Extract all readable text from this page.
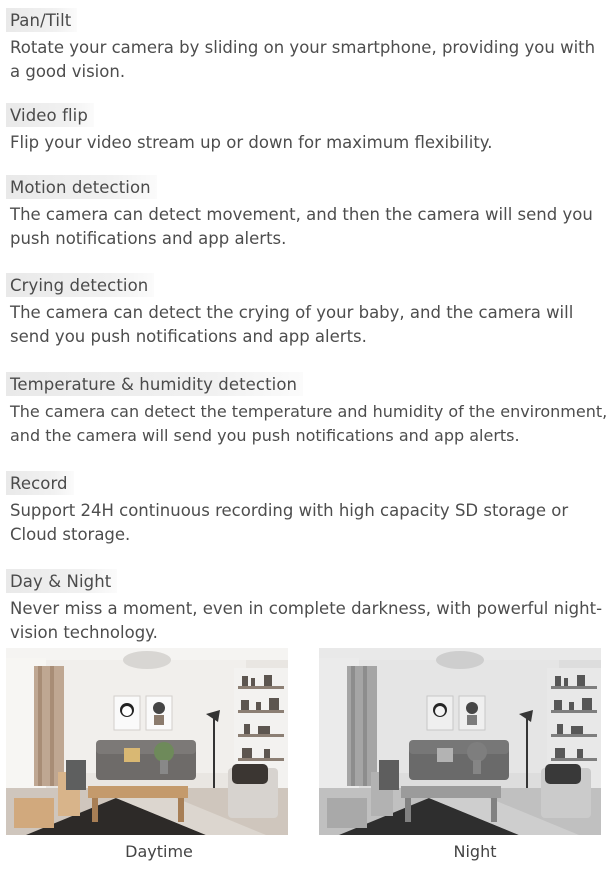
Pan/Tilt
Rotate your camera by sliding on your smartphone, providing you with a good vision.
Video flip
Flip your video stream up or down for maximum flexibility.
Motion detection
The camera can detect movement, and then the camera will send you push notifications and app alerts.
Crying detection
The camera can detect the crying of your baby, and the camera will send you push notifications and app alerts.
Temperature & humidity detection
The camera can detect the temperature and humidity of the environment, and the camera will send you push notifications and app alerts.
Record
Support 24H continuous recording with high capacity SD storage or Cloud storage.
Day & Night
Never miss a moment, even in complete darkness, with powerful night-vision technology.
Daytime	Night
